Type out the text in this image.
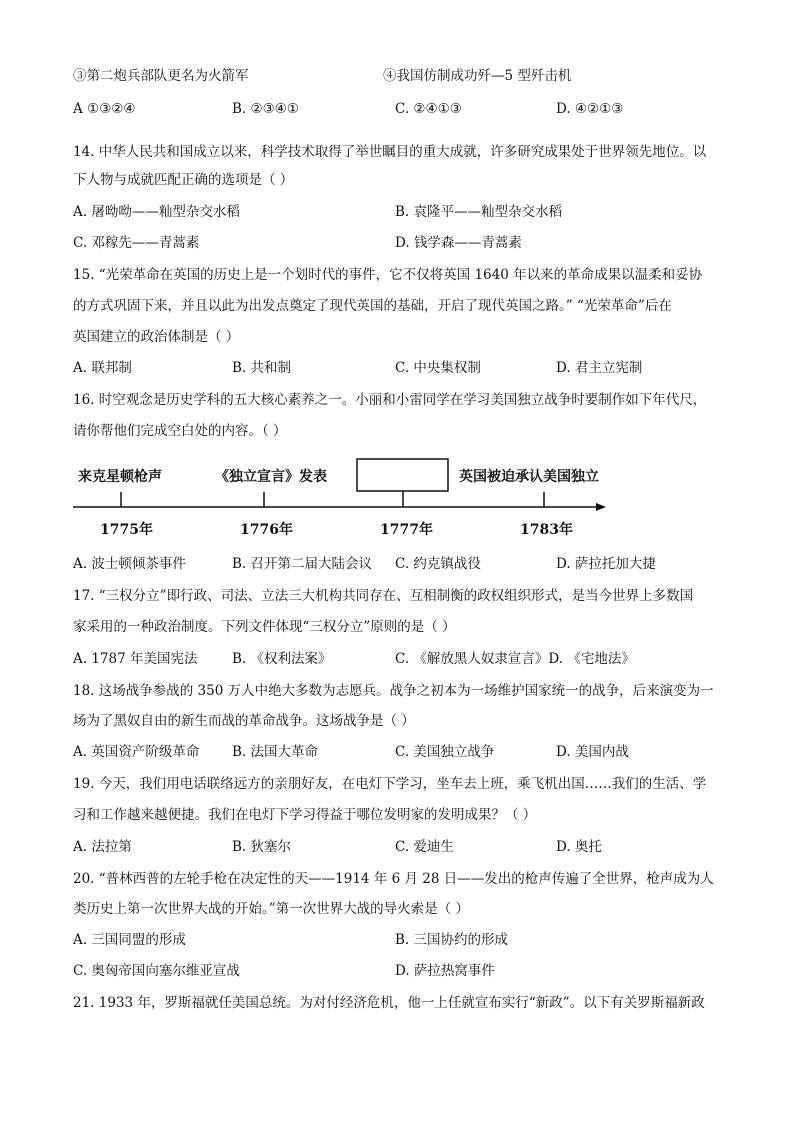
③第二炮兵部队更名为火箭军	④我国仿制成功歼—5 型歼击机
A ①③②④	B. ②③④①	C. ②④①③	D. ④②①③
14. 中华人民共和国成立以来，科学技术取得了举世瞩目的重大成就，许多研究成果处于世界领先地位。以
下人物与成就匹配正确的选项是（ ）
A. 屠呦呦——籼型杂交水稻	B. 袁隆平——籼型杂交水稻
C. 邓稼先——青蒿素	D. 钱学森——青蒿素
15. “光荣革命在英国的历史上是一个划时代的事件，它不仅将英国 1640 年以来的革命成果以温柔和妥协
的方式巩固下来，并且以此为出发点奠定了现代英国的基础，开启了现代英国之路。” “光荣革命”后在
英国建立的政治体制是（ ）
A. 联邦制	B. 共和制	C. 中央集权制	D. 君主立宪制
16. 时空观念是历史学科的五大核心素养之一。小丽和小雷同学在学习美国独立战争时要制作如下年代尺，
请你帮他们完成空白处的内容。（ ）
来克星顿枪声	《独立宣言》发表	英国被迫承认美国独立
1775年	1776年	1777年	1783年
A. 波士顿倾茶事件	B. 召开第二届大陆会议 C. 约克镇战役	D. 萨拉托加大捷
17. “三权分立”即行政、司法、立法三大机构共同存在、互相制衡的政权组织形式，是当今世界上多数国
家采用的一种政治制度。下列文件体现“三权分立”原则的是（ ）
A. 1787 年美国宪法	B. 《权利法案》	C. 《解放黑人奴隶宣言》D. 《宅地法》
18. 这场战争参战的 350 万人中绝大多数为志愿兵。战争之初本为一场维护国家统一的战争，后来演变为一
场为了黑奴自由的新生而战的革命战争。这场战争是（ ）
A. 英国资产阶级革命 B. 法国大革命	C. 美国独立战争	D. 美国内战
19. 今天，我们用电话联络远方的亲朋好友，在电灯下学习，坐车去上班，乘飞机出国……我们的生活、学
习和工作越来越便捷。我们在电灯下学习得益于哪位发明家的发明成果？（ ）
A. 法拉第	B. 狄塞尔	C. 爱迪生	D. 奥托
20. “普林西普的左轮手枪在决定性的天——1914 年 6 月 28 日——发出的枪声传遍了全世界，枪声成为人
类历史上第一次世界大战的开始。”第一次世界大战的导火索是（ ）
A. 三国同盟的形成	B. 三国协约的形成
C. 奥匈帝国向塞尔维亚宣战	D. 萨拉热窝事件
21. 1933 年，罗斯福就任美国总统。为对付经济危机，他一上任就宣布实行“新政”。以下有关罗斯福新政
